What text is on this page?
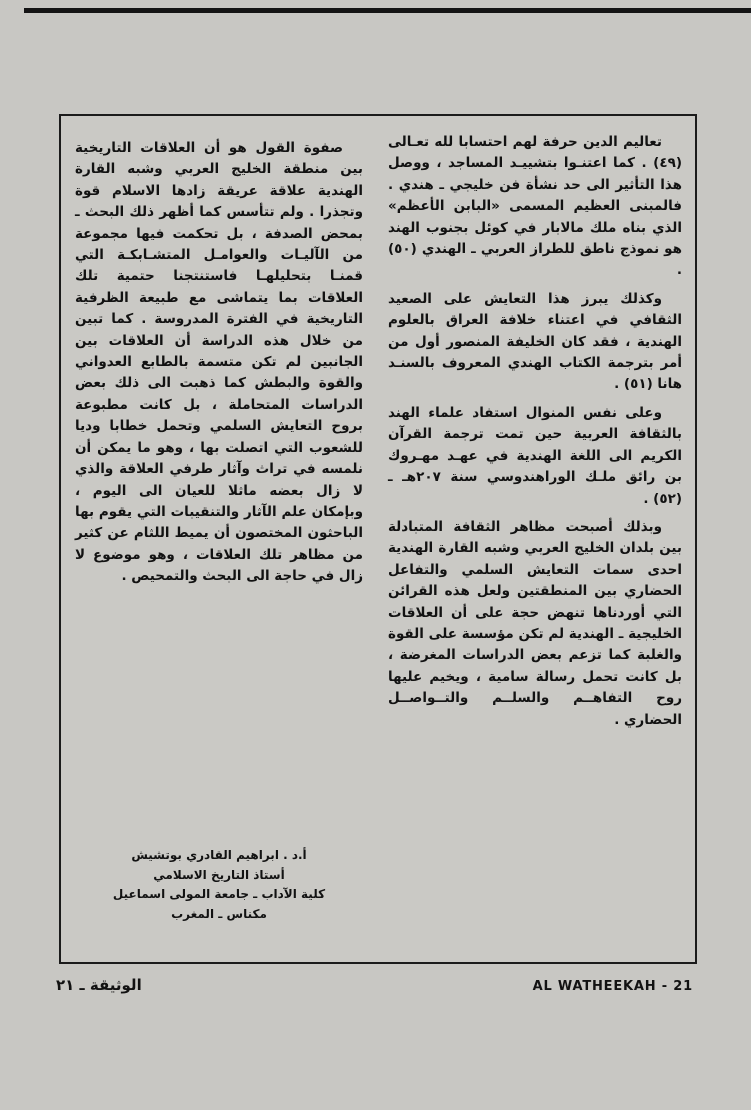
تعاليم الدين حرفة لهم احتسابا لله تعـالى (٤٩) . كما اعتنـوا بتشييـد المساجد ، ووصل هذا التأثير الى حد نشأة فن خليجي ـ هندي . فالمبنى العظيم المسمى «البابن الأعظم» الذي بناه ملك مالابار في كوئل بجنوب الهند هو نموذج ناطق للطراز العربي ـ الهندي (٥٠) .

وكذلك يبرز هذا التعايش على الصعيد الثقافي في اعتناء خلافة العراق بالعلوم الهندية ، فقد كان الخليفة المنصور أول من أمر بترجمة الكتاب الهندي المعروف بالسنـد هانا (٥١) .

وعلى نفس المنوال استفاد علماء الهند بالثقافة العربية حين تمت ترجمة القرآن الكريم الى اللغة الهندية في عهـد مهـروك بن رائق ملـك الوراهندوسي سنة ٢٠٧هـ ـ (٥٢) .

وبذلك أصبحت مظاهر الثقافة المتبادلة بين بلدان الخليج العربي وشبه القارة الهندية احدى سمات التعايش السلمي والتفاعل الحضاري بين المنطقتين ولعل هذه القرائن التي أوردناها تنهض حجة على أن العلاقات الخليجية ـ الهندية لم تكن مؤسسة على القوة والغلبة كما تزعم بعض الدراسات المغرضة ، بل كانت تحمل رسالة سامية ، ويخيم عليها روح التفاهــم والسلــم والتــواصــل الحضاري .

صفوة القول هو أن العلاقات التاريخية بين منطقة الخليج العربي وشبه القارة الهندية علاقة عريقة زادها الاسلام قوة وتجذرا . ولم تتأسس كما أظهر ذلك البحث ـ بمحض الصدفة ، بل تحكمت فيها مجموعة من الآليـات والعوامـل المتشـابكـة التي قمنـا بتحليلهـا فاستنتجنا حتمية تلك العلاقات بما يتماشى مع طبيعة الظرفية التاريخية في الفترة المدروسة . كما تبين من خلال هذه الدراسة أن العلاقات بين الجانبين لم تكن متسمة بالطابع العدواني والقوة والبطش كما ذهبت الى ذلك بعض الدراسات المتحاملة ، بل كانت مطبوعة بروح التعايش السلمي وتحمل خطابا وديا للشعوب التي اتصلت بها ، وهو ما يمكن أن نلمسه في تراث وآثار طرفي العلاقة والذي لا زال بعضه ماثلا للعيان الى اليوم ، وبإمكان علم الآثار والتنقيبات التي يقوم بها الباحثون المختصون أن يميط اللثام عن كثير من مظاهر تلك العلاقات ، وهو موضوع لا زال في حاجة الى البحث والتمحيص .

أ.د . ابراهيم القادري بوتشيش
أستاذ التاريخ الاسلامي
كلية الآداب ـ جامعة المولى اسماعيل
مكناس ـ المغرب
الوثيقة ـ ٢١	AL WATHEEKAH - 21
